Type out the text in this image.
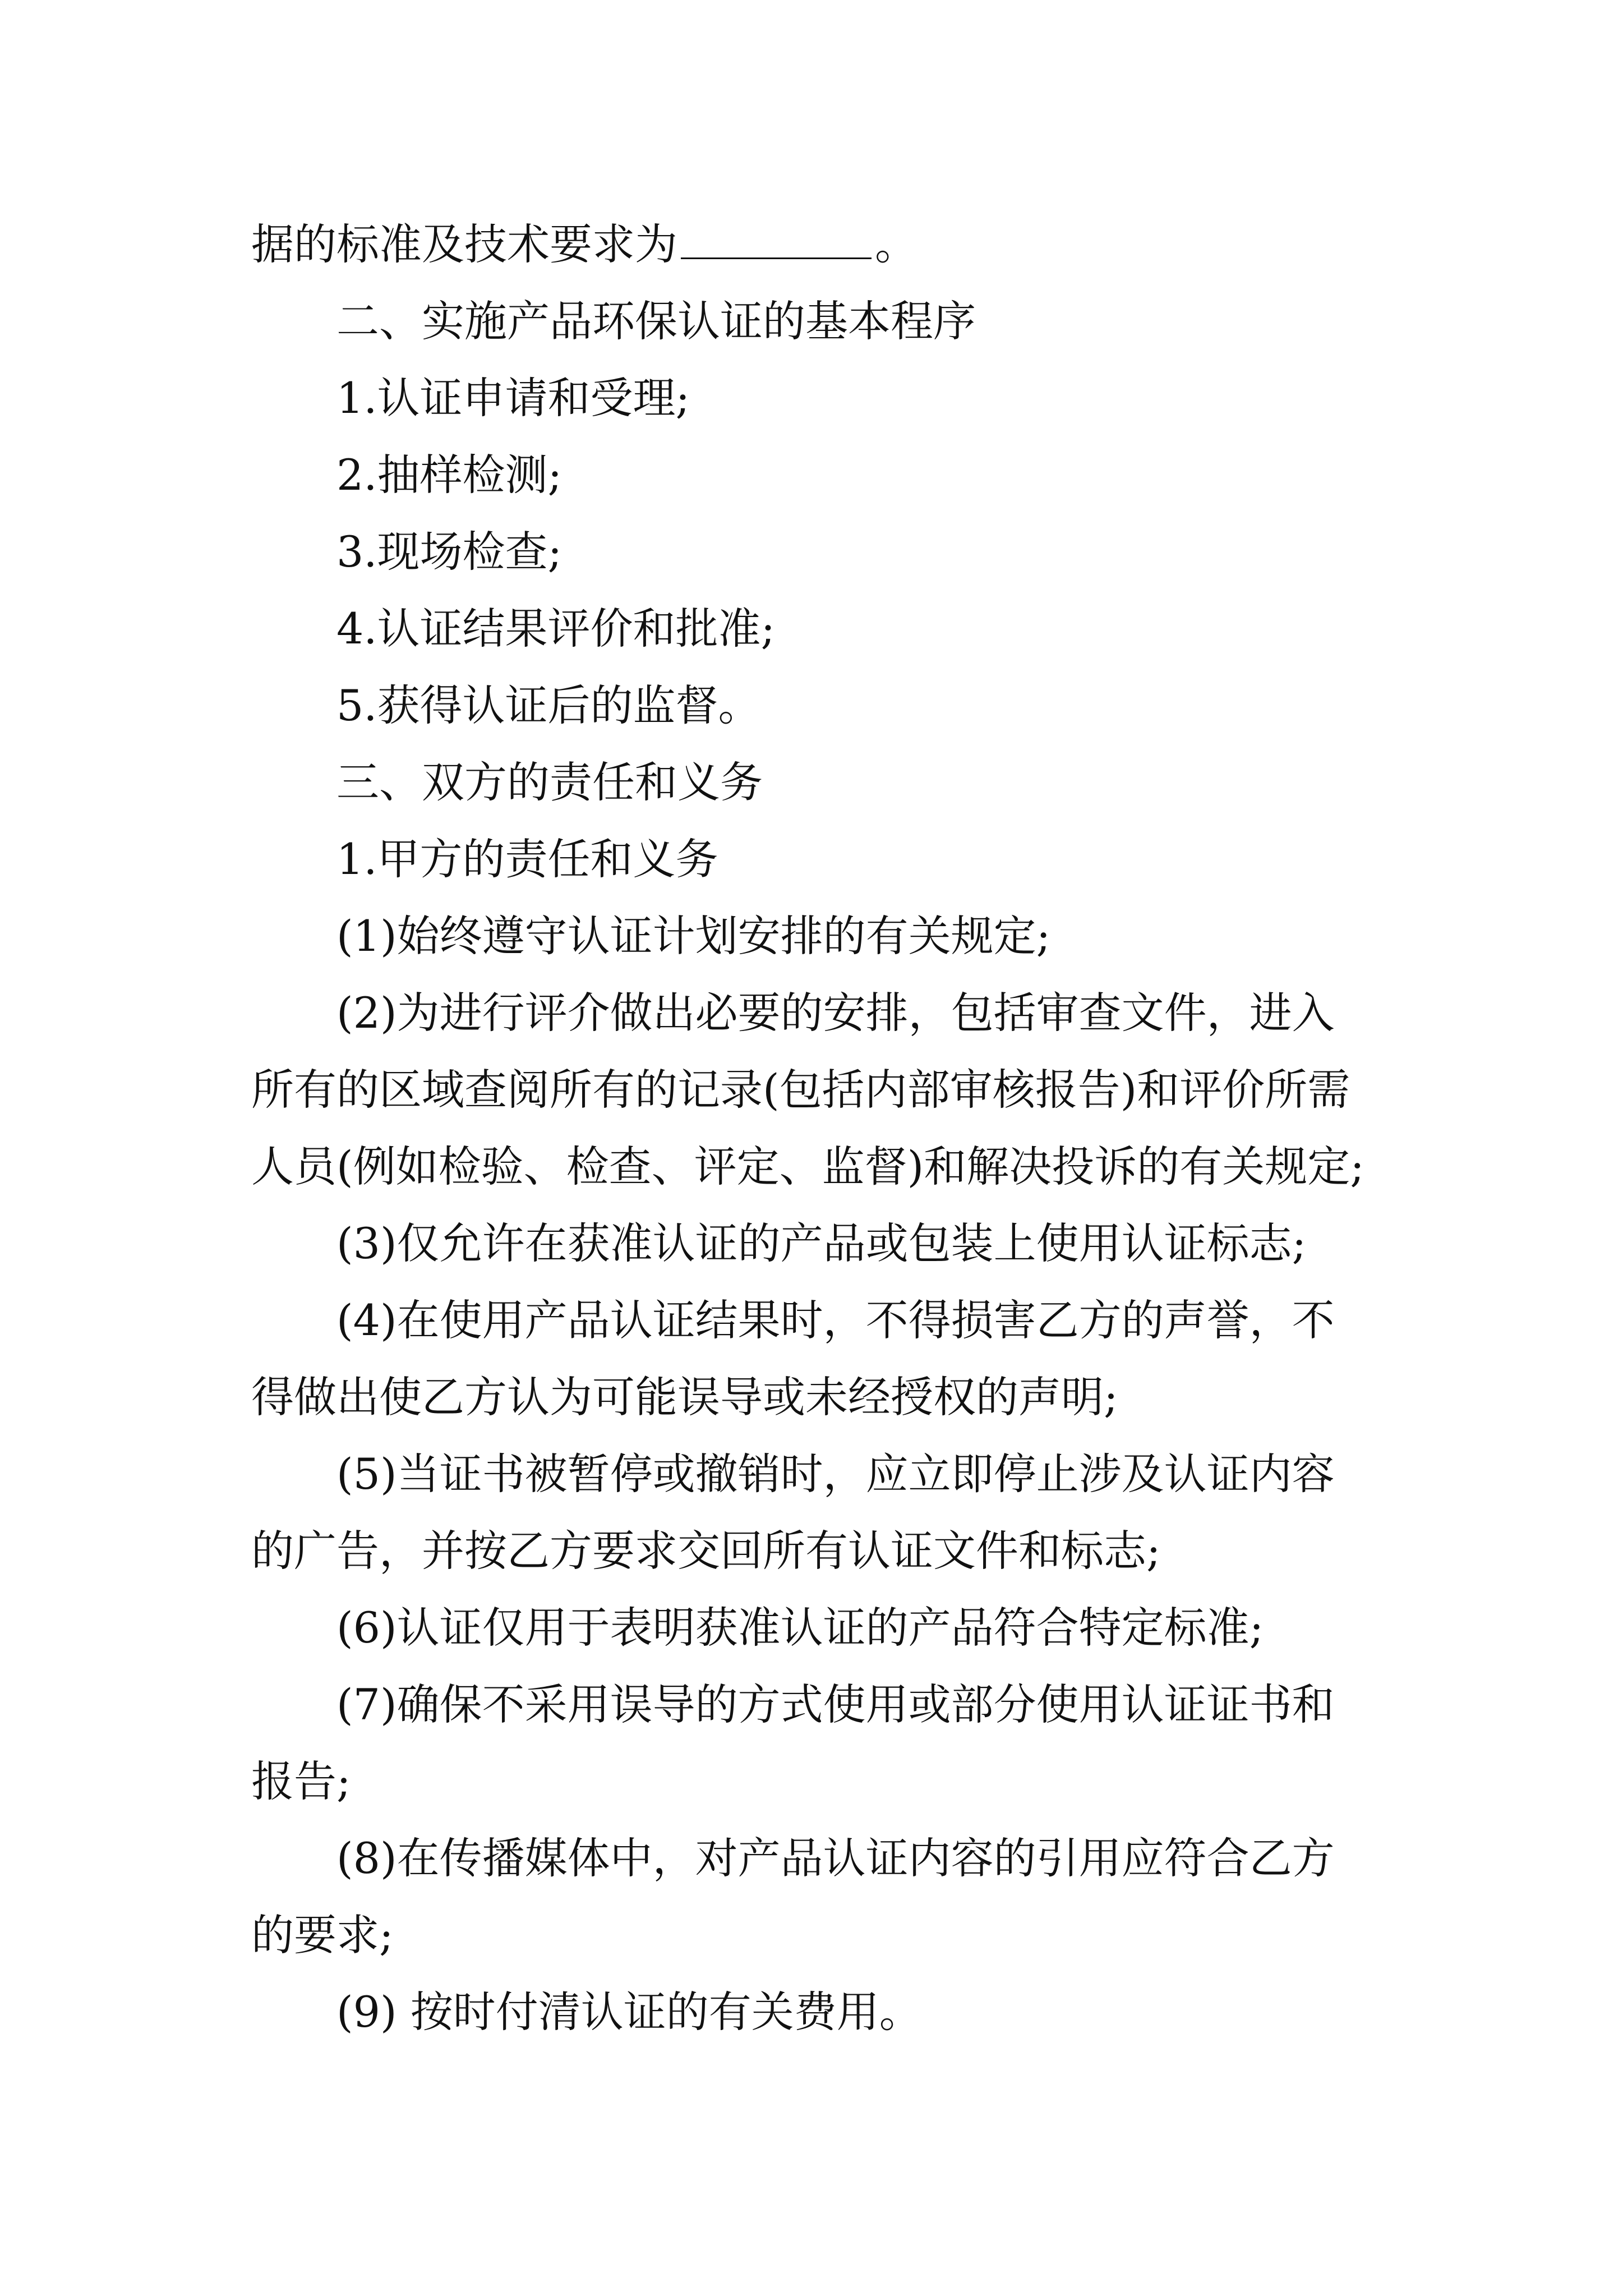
据的标准及技术要求为	。

二、实施产品环保认证的基本程序

1.认证申请和受理;

2.抽样检测;

3.现场检查;

4.认证结果评价和批准;

5.获得认证后的监督。

三、双方的责任和义务

1.甲方的责任和义务

(1)始终遵守认证计划安排的有关规定;

(2)为进行评介做出必要的安排，包括审查文件，进入

所有的区域查阅所有的记录(包括内部审核报告)和评价所需

人员(例如检验、检查、评定、监督)和解决投诉的有关规定;

(3)仅允许在获准认证的产品或包装上使用认证标志;

(4)在使用产品认证结果时，不得损害乙方的声誉，不

得做出使乙方认为可能误导或未经授权的声明;

(5)当证书被暂停或撤销时，应立即停止涉及认证内容

的广告，并按乙方要求交回所有认证文件和标志;

(6)认证仅用于表明获准认证的产品符合特定标准;

(7)确保不采用误导的方式使用或部分使用认证证书和

报告;

(8)在传播媒体中，对产品认证内容的引用应符合乙方

的要求;

(9) 按时付清认证的有关费用。
